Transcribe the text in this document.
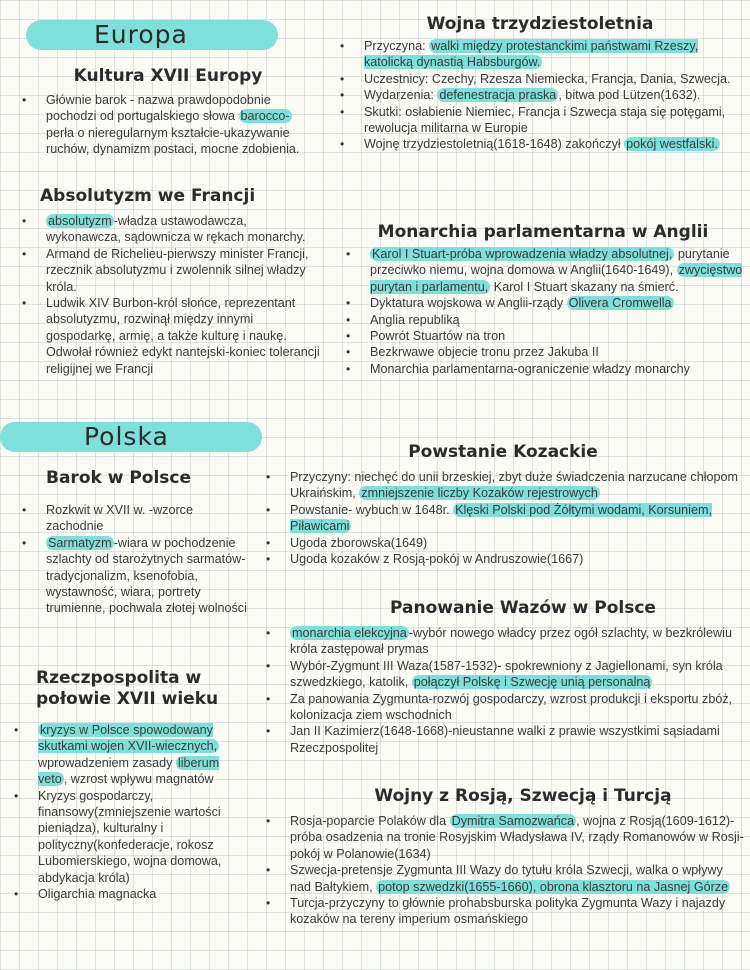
Europa
Kultura XVII Europy
• Głównie barok - nazwa prawdopodobnie pochodzi od portugalskiego słowa barocco- perła o nieregularnym kształcie-ukazywanie ruchów, dynamizm postaci, mocne zdobienia.
Absolutyzm we Francji
• absolutyzm -władza ustawodawcza, wykonawcza, sądownicza w rękach monarchy.
• Armand de Richelieu-pierwszy minister Francji, rzecznik absolutyzmu i zwolennik silnej władzy króla.
• Ludwik XIV Burbon-król słońce, reprezentant absolutyzmu, rozwinął między innymi gospodarkę, armię, a także kulturę i naukę. Odwołał również edykt nantejski-koniec tolerancji religijnej we Francji
Wojna trzydziestoletnia
• Przyczyna: walki między protestanckimi państwami Rzeszy, katolicką dynastią Habsburgów.
• Uczestnicy: Czechy, Rzesza Niemiecka, Francja, Dania, Szwecja.
• Wydarzenia: defenestracja praska , bitwa pod Lützen(1632).
• Skutki: osłabienie Niemiec, Francja i Szwecja staja się potęgami, rewolucja militarna w Europie
• Wojnę trzydziestoletnią(1618-1648) zakończył pokój westfalski.
Monarchia parlamentarna w Anglii
• Karol I Stuart-próba wprowadzenia władzy absolutnej, purytanie przeciwko niemu, wojna domowa w Anglii(1640-1649), zwycięstwo purytan i parlamentu, Karol I Stuart skazany na śmierć.
• Dyktatura wojskowa w Anglii-rządy Olivera Cromwella
• Anglia republiką
• Powrót Stuartów na tron
• Bezkrwawe objecie tronu przez Jakuba II
• Monarchia parlamentarna-ograniczenie władzy monarchy
Polska
Barok w Polsce
• Rozkwit w XVII w. -wzorce zachodnie
• Sarmatyzm -wiara w pochodzenie szlachty od starożytnych sarmatów-tradycjonalizm, ksenofobia, wystawność, wiara, portrety trumienne, pochwala złotej wolności
Rzeczpospolita w połowie XVII wieku
• kryzys w Polsce spowodowany skutkami wojen XVII-wiecznych, wprowadzeniem zasady liberum veto , wzrost wpływu magnatów
• Kryzys gospodarczy, finansowy(zmniejszenie wartości pieniądza), kulturalny i polityczny(konfederacje, rokosz Lubomierskiego, wojna domowa, abdykacja króla)
• Oligarchia magnacka
Powstanie Kozackie
• Przyczyny: niechęć do unii brzeskiej, zbyt duże świadczenia narzucane chłopom Ukraińskim, zmniejszenie liczby Kozaków rejestrowych
• Powstanie- wybuch w 1648r. Klęski Polski pod Żółtymi wodami, Korsuniem, Piławicami
• Ugoda zborowska(1649)
• Ugoda kozaków z Rosją-pokój w Andruszowie(1667)
Panowanie Wazów w Polsce
• monarchia elekcyjna -wybór nowego władcy przez ogół szlachty, w bezkrólewiu króla zastępował prymas
• Wybór-Zygmunt III Waza(1587-1532)- spokrewniony z Jagiellonami, syn króla szwedzkiego, katolik, połączył Polskę i Szwecję unią personalną
• Za panowania Zygmunta-rozwój gospodarczy, wzrost produkcji i eksportu zbóż, kolonizacja ziem wschodnich
• Jan II Kazimierz(1648-1668)-nieustanne walki z prawie wszystkimi sąsiadami Rzeczpospolitej
Wojny z Rosją, Szwecją i Turcją
• Rosja-poparcie Polaków dla Dymitra Samozwańca , wojna z Rosją(1609-1612)-próba osadzenia na tronie Rosyjskim Władysława IV, rządy Romanowów w Rosji-pokój w Polanowie(1634)
• Szwecja-pretensje Zygmunta III Wazy do tytułu króla Szwecji, walka o wpływy nad Bałtykiem, potop szwedzki(1655-1660), obrona klasztoru na Jasnej Górze
• Turcja-przyczyny to głównie prohabsburska polityka Zygmunta Wazy i najazdy kozaków na tereny imperium osmańskiego
